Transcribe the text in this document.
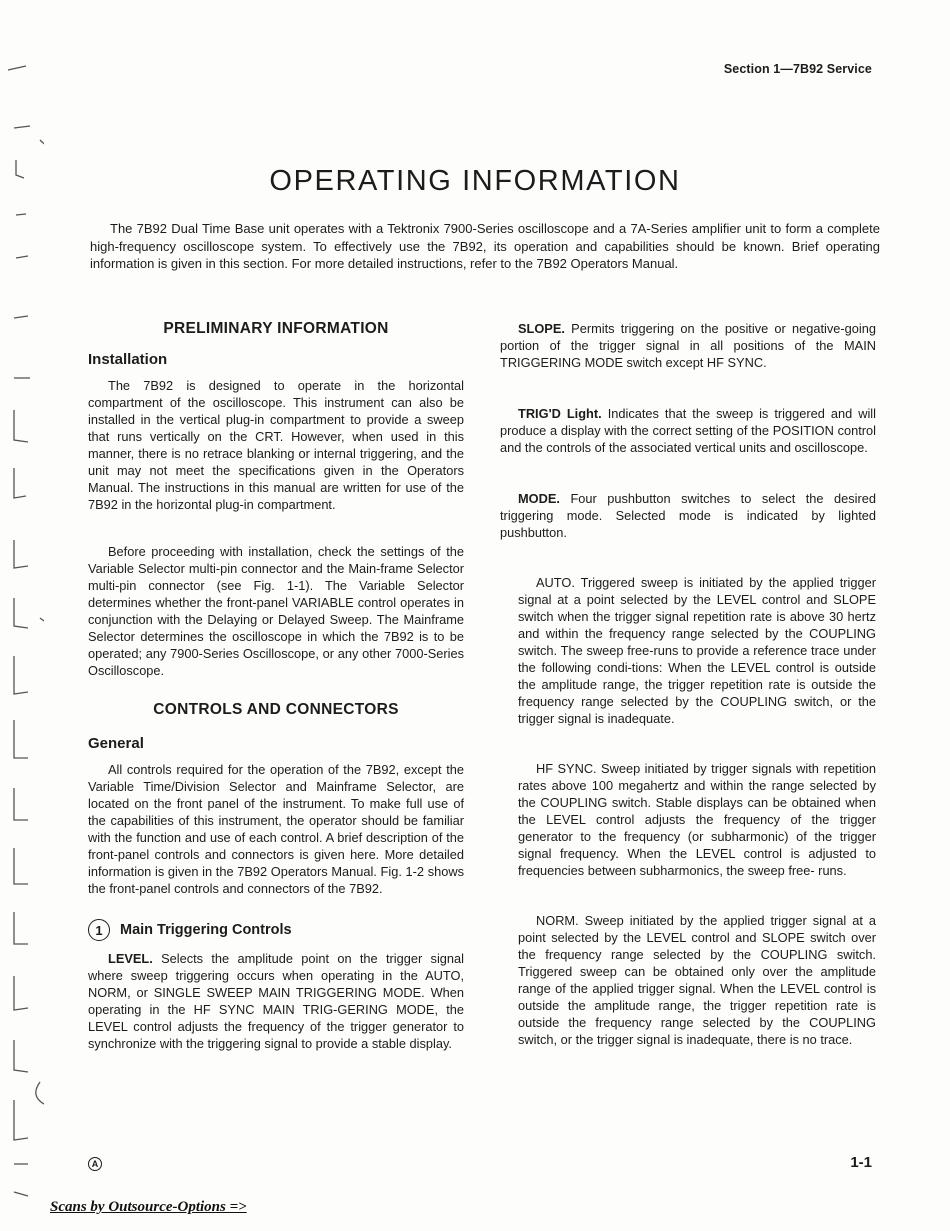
Section 1—7B92 Service
OPERATING INFORMATION

The 7B92 Dual Time Base unit operates with a Tektronix 7900-Series oscilloscope and a 7A-Series amplifier unit to form a complete high-frequency oscilloscope system. To effectively use the 7B92, its operation and capabilities should be known. Brief operating information is given in this section. For more detailed instructions, refer to the 7B92 Operators Manual.

PRELIMINARY INFORMATION
Installation

The 7B92 is designed to operate in the horizontal compartment of the oscilloscope. This instrument can also be installed in the vertical plug-in compartment to provide a sweep that runs vertically on the CRT. However, when used in this manner, there is no retrace blanking or internal triggering, and the unit may not meet the specifications given in the Operators Manual. The instructions in this manual are written for use of the 7B92 in the horizontal plug-in compartment.

Before proceeding with installation, check the settings of the Variable Selector multi-pin connector and the Main-frame Selector multi-pin connector (see Fig. 1-1). The Variable Selector determines whether the front-panel VARIABLE control operates in conjunction with the Delaying or Delayed Sweep. The Mainframe Selector determines the oscilloscope in which the 7B92 is to be operated; any 7900-Series Oscilloscope, or any other 7000-Series Oscilloscope.

CONTROLS AND CONNECTORS
General

All controls required for the operation of the 7B92, except the Variable Time/Division Selector and Mainframe Selector, are located on the front panel of the instrument. To make full use of the capabilities of this instrument, the operator should be familiar with the function and use of each control. A brief description of the front-panel controls and connectors is given here. More detailed information is given in the 7B92 Operators Manual. Fig. 1-2 shows the front-panel controls and connectors of the 7B92.

1	Main Triggering Controls

LEVEL. Selects the amplitude point on the trigger signal where sweep triggering occurs when operating in the AUTO, NORM, or SINGLE SWEEP MAIN TRIGGERING MODE. When operating in the HF SYNC MAIN TRIG-GERING MODE, the LEVEL control adjusts the frequency of the trigger generator to synchronize with the triggering signal to provide a stable display.

SLOPE. Permits triggering on the positive or negative-going portion of the trigger signal in all positions of the MAIN TRIGGERING MODE switch except HF SYNC.

TRIG'D Light. Indicates that the sweep is triggered and will produce a display with the correct setting of the POSITION control and the controls of the associated vertical units and oscilloscope.

MODE. Four pushbutton switches to select the desired triggering mode. Selected mode is indicated by lighted pushbutton.

AUTO. Triggered sweep is initiated by the applied trigger signal at a point selected by the LEVEL control and SLOPE switch when the trigger signal repetition rate is above 30 hertz and within the frequency range selected by the COUPLING switch. The sweep free-runs to provide a reference trace under the following condi-tions: When the LEVEL control is outside the amplitude range, the trigger repetition rate is outside the frequency range selected by the COUPLING switch, or the trigger signal is inadequate.

HF SYNC. Sweep initiated by trigger signals with repetition rates above 100 megahertz and within the range selected by the COUPLING switch. Stable displays can be obtained when the LEVEL control adjusts the frequency of the trigger generator to the frequency (or subharmonic) of the trigger signal frequency. When the LEVEL control is adjusted to frequencies between subharmonics, the sweep free- runs.

NORM. Sweep initiated by the applied trigger signal at a point selected by the LEVEL control and SLOPE switch over the frequency range selected by the COUPLING switch. Triggered sweep can be obtained only over the amplitude range of the applied trigger signal. When the LEVEL control is outside the amplitude range, the trigger repetition rate is outside the frequency range selected by the COUPLING switch, or the trigger signal is inadequate, there is no trace.

A	1-1
Scans by Outsource-Options =>
